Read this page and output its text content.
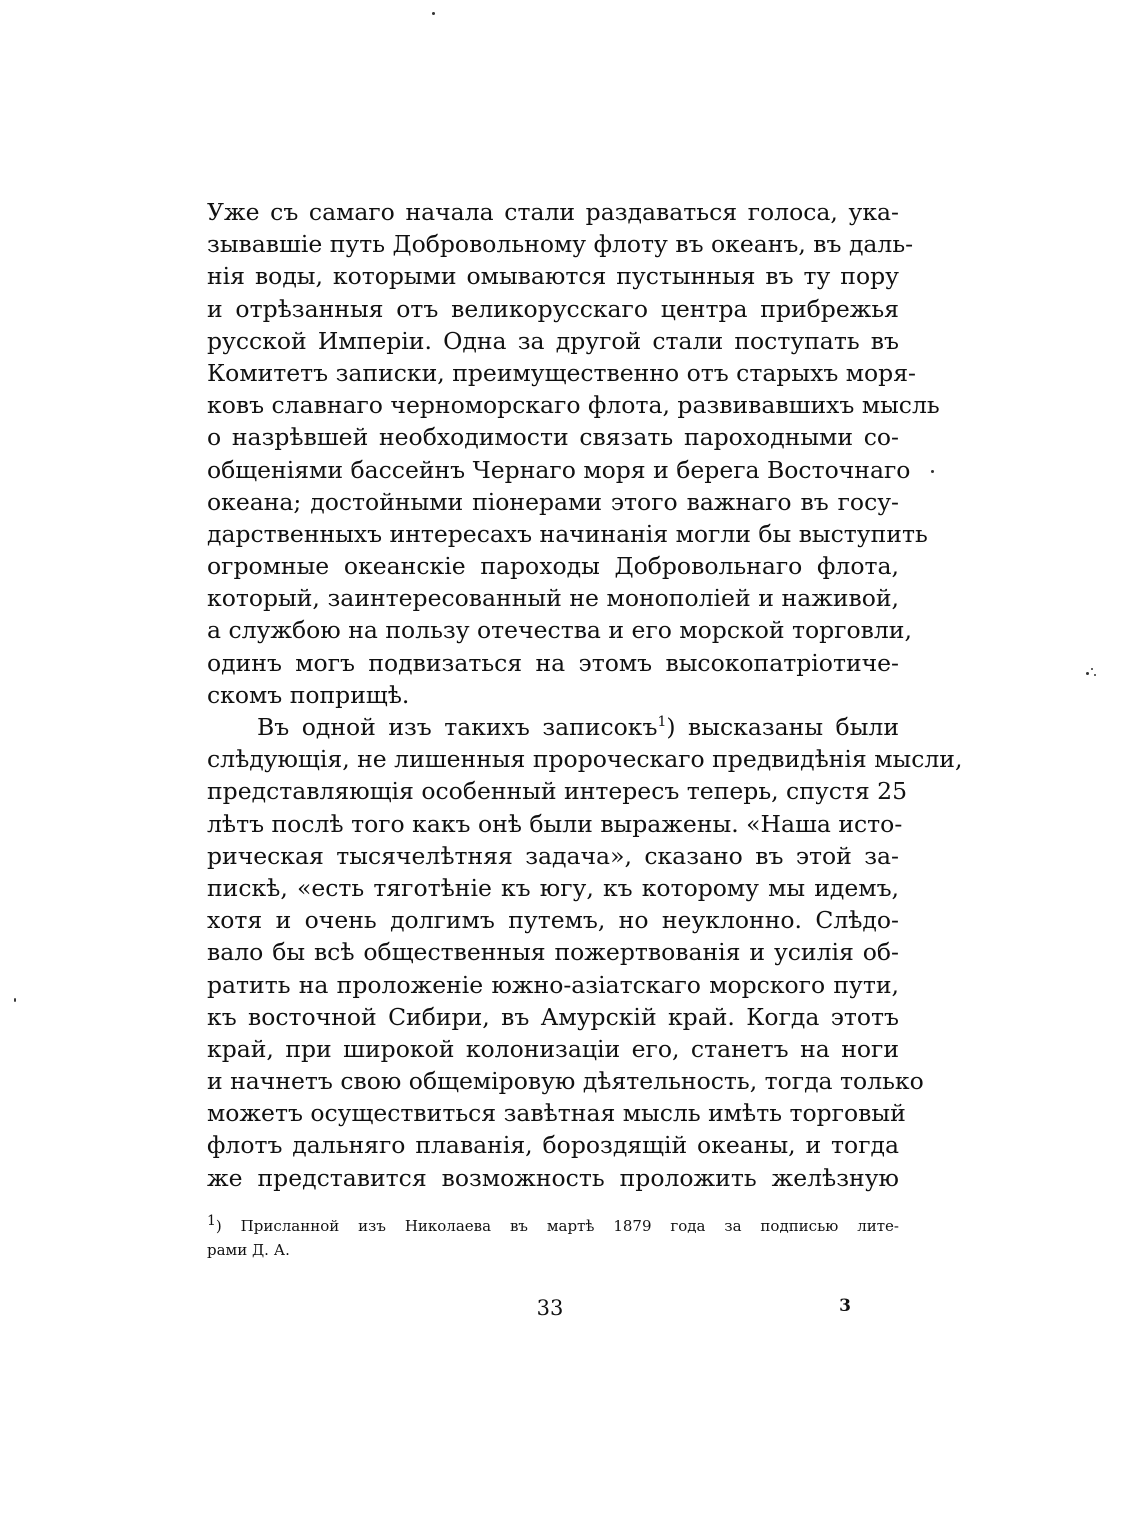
Уже съ самаго начала стали раздаваться голоса, ука-
зывавшіе путь Добровольному флоту въ океанъ, въ даль-
нія воды, которыми омываются пустынныя въ ту пору
и отрѣзанныя отъ великорусскаго центра прибрежья
русской Имперіи. Одна за другой стали поступать въ
Комитетъ записки, преимущественно отъ старыхъ моря-
ковъ славнаго черноморскаго флота, развивавшихъ мысль
о назрѣвшей необходимости связать пароходными со-
общеніями бассейнъ Чернаго моря и берега Восточнаго
океана; достойными піонерами этого важнаго въ госу-
дарственныхъ интересахъ начинанія могли бы выступить
огромные океанскіе пароходы Добровольнаго флота,
который, заинтересованный не монополіей и наживой,
а службою на пользу отечества и его морской торговли,
одинъ могъ подвизаться на этомъ высокопатріотиче-
скомъ поприщѣ.
Въ одной изъ такихъ записокъ$^1$) высказаны были
слѣдующія, не лишенныя пророческаго предвидѣнія мысли,
представляющія особенный интересъ теперь, спустя 25
лѣтъ послѣ того какъ онѣ были выражены. «Наша исто-
рическая тысячелѣтняя задача», сказано въ этой за-
пискѣ, «есть тяготѣніе къ югу, къ которому мы идемъ,
хотя и очень долгимъ путемъ, но неуклонно. Слѣдо-
вало бы всѣ общественныя пожертвованія и усилія об-
ратить на проложеніе южно-азіатскаго морского пути,
къ восточной Сибири, въ Амурскій край. Когда этотъ
край, при широкой колонизаціи его, станетъ на ноги
и начнетъ свою общеміровую дѣятельность, тогда только
можетъ осуществиться завѣтная мысль имѣть торговый
флотъ дальняго плаванія, бороздящій океаны, и тогда
же представится возможность проложить желѣзную
1) Присланной изъ Николаева въ мартѣ 1879 года за подписью лите-
рами Д. А.
33	3
